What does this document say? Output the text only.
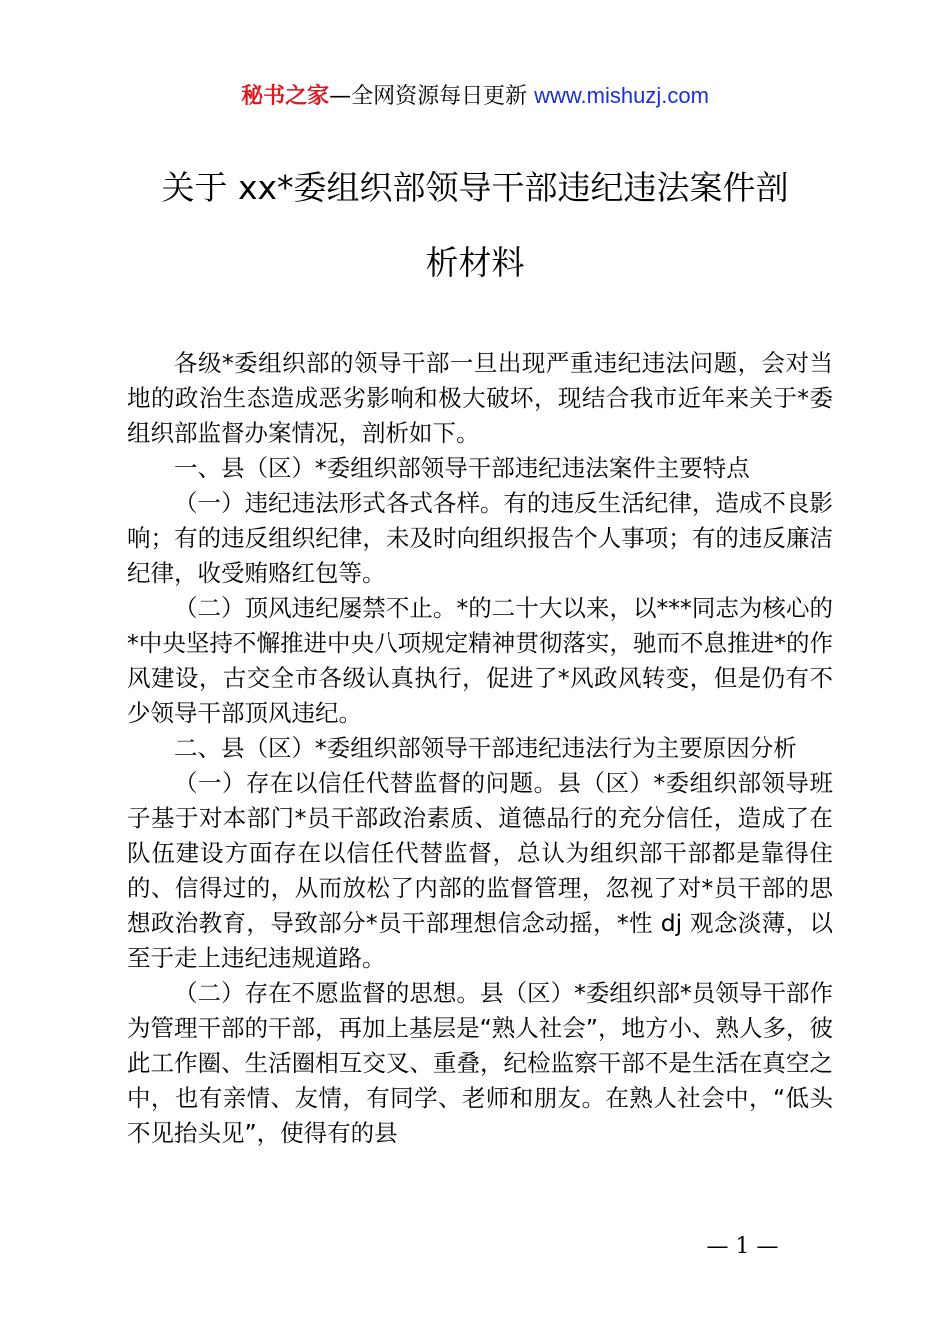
秘书之家—全网资源每日更新 www.mishuzj.com
关于 xx*委组织部领导干部违纪违法案件剖
析材料

各级*委组织部的领导干部一旦出现严重违纪违法问题，会对当地的政治生态造成恶劣影响和极大破坏，现结合我市近年来关于*委组织部监督办案情况，剖析如下。

一、县（区）*委组织部领导干部违纪违法案件主要特点

（一）违纪违法形式各式各样。有的违反生活纪律，造成不良影响；有的违反组织纪律，未及时向组织报告个人事项；有的违反廉洁纪律，收受贿赂红包等。

（二）顶风违纪屡禁不止。*的二十大以来，以***同志为核心的*中央坚持不懈推进中央八项规定精神贯彻落实，驰而不息推进*的作风建设，古交全市各级认真执行，促进了*风政风转变，但是仍有不少领导干部顶风违纪。

二、县（区）*委组织部领导干部违纪违法行为主要原因分析

（一）存在以信任代替监督的问题。县（区）*委组织部领导班子基于对本部门*员干部政治素质、道德品行的充分信任，造成了在队伍建设方面存在以信任代替监督，总认为组织部干部都是靠得住的、信得过的，从而放松了内部的监督管理，忽视了对*员干部的思想政治教育，导致部分*员干部理想信念动摇，*性 dj 观念淡薄，以至于走上违纪违规道路。

（二）存在不愿监督的思想。县（区）*委组织部*员领导干部作为管理干部的干部，再加上基层是“熟人社会”，地方小、熟人多，彼此工作圈、生活圈相互交叉、重叠，纪检监察干部不是生活在真空之中，也有亲情、友情，有同学、老师和朋友。在熟人社会中，“低头不见抬头见”，使得有的县

— 1 —
